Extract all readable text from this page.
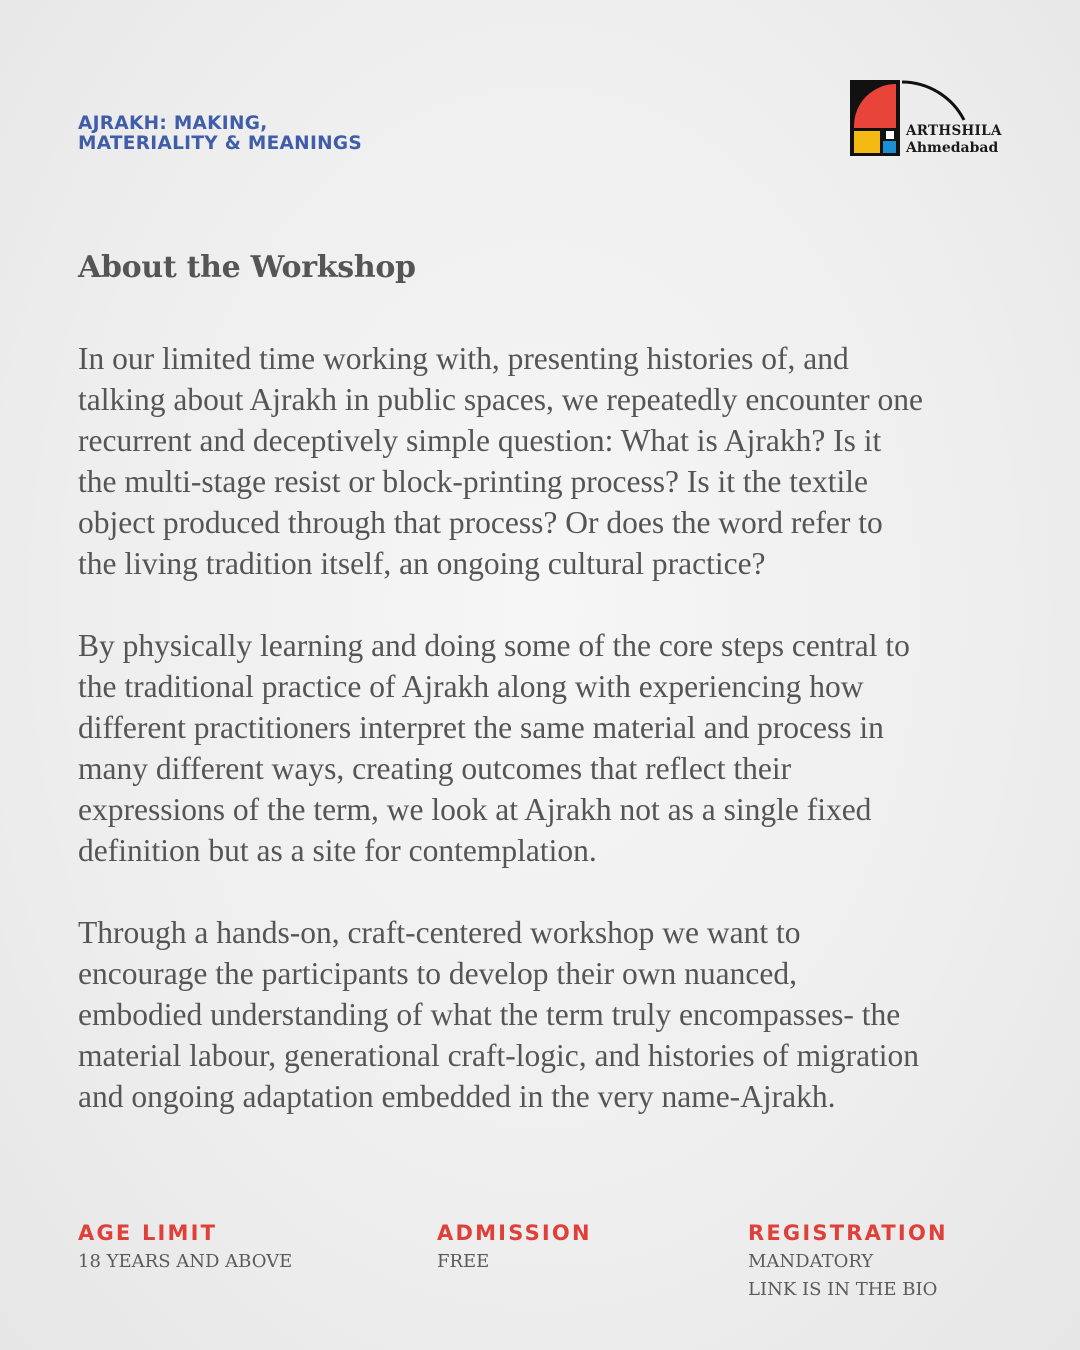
AJRAKH: MAKING,
MATERIALITY & MEANINGS
ARTHSHILA
Ahmedabad
About the Workshop
In our limited time working with, presenting histories of, and
talking about Ajrakh in public spaces, we repeatedly encounter one
recurrent and deceptively simple question: What is Ajrakh? Is it
the multi-stage resist or block-printing process? Is it the textile
object produced through that process? Or does the word refer to
the living tradition itself, an ongoing cultural practice?
By physically learning and doing some of the core steps central to
the traditional practice of Ajrakh along with experiencing how
different practitioners interpret the same material and process in
many different ways, creating outcomes that reflect their
expressions of the term, we look at Ajrakh not as a single fixed
definition but as a site for contemplation.
Through a hands-on, craft-centered workshop we want to
encourage the participants to develop their own nuanced,
embodied understanding of what the term truly encompasses- the
material labour, generational craft-logic, and histories of migration
and ongoing adaptation embedded in the very name-Ajrakh.
AGE LIMIT
18 YEARS AND ABOVE
ADMISSION
FREE
REGISTRATION
MANDATORY
LINK IS IN THE BIO
